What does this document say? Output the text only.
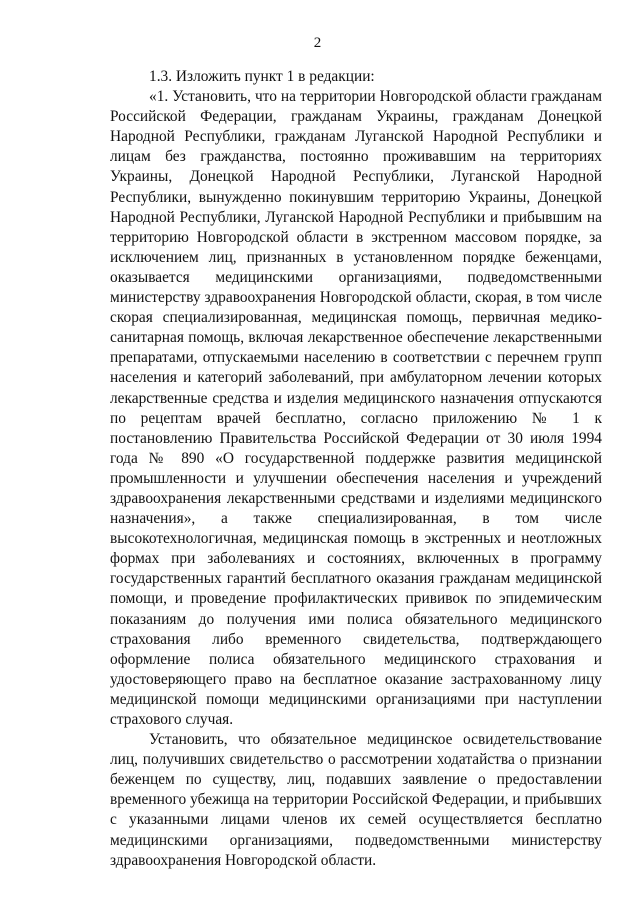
2

1.3. Изложить пункт 1 в редакции:

«1. Установить, что на территории Новгородской области гражданам Российской Федерации, гражданам Украины, гражданам Донецкой Народной Республики, гражданам Луганской Народной Республики и лицам без гражданства, постоянно проживавшим на территориях Украины, Донецкой Народной Республики, Луганской Народной Республики, вынужденно покинувшим территорию Украины, Донецкой Народной Республики, Луганской Народной Республики и прибывшим на территорию Новгородской области в экстренном массовом порядке, за исключением лиц, признанных в установленном порядке беженцами, оказывается медицинскими организациями, подведомственными министерству здравоохранения Новгородской области, скорая, в том числе скорая специализированная, медицинская помощь, первичная медико-санитарная помощь, включая лекарственное обеспечение лекарственными препаратами, отпускаемыми населению в соответствии с перечнем групп населения и категорий заболеваний, при амбулаторном лечении которых лекарственные средства и изделия медицинского назначения отпускаются по рецептам врачей бесплатно, согласно приложению № 1 к постановлению Правительства Российской Федерации от 30 июля 1994 года № 890 «О государственной поддержке развития медицинской промышленности и улучшении обеспечения населения и учреждений здравоохранения лекарственными средствами и изделиями медицинского назначения», а также специализированная, в том числе высокотехнологичная, медицинская помощь в экстренных и неотложных формах при заболеваниях и состояниях, включенных в программу государственных гарантий бесплатного оказания гражданам медицинской помощи, и проведение профилактических прививок по эпидемическим показаниям до получения ими полиса обязательного медицинского страхования либо временного свидетельства, подтверждающего оформление полиса обязательного медицинского страхования и удостоверяющего право на бесплатное оказание застрахованному лицу медицинской помощи медицинскими организациями при наступлении страхового случая.

Установить, что обязательное медицинское освидетельствование лиц, получивших свидетельство о рассмотрении ходатайства о признании беженцем по существу, лиц, подавших заявление о предоставлении временного убежища на территории Российской Федерации, и прибывших с указанными лицами членов их семей осуществляется бесплатно медицинскими организациями, подведомственными министерству здравоохранения Новгородской области.
